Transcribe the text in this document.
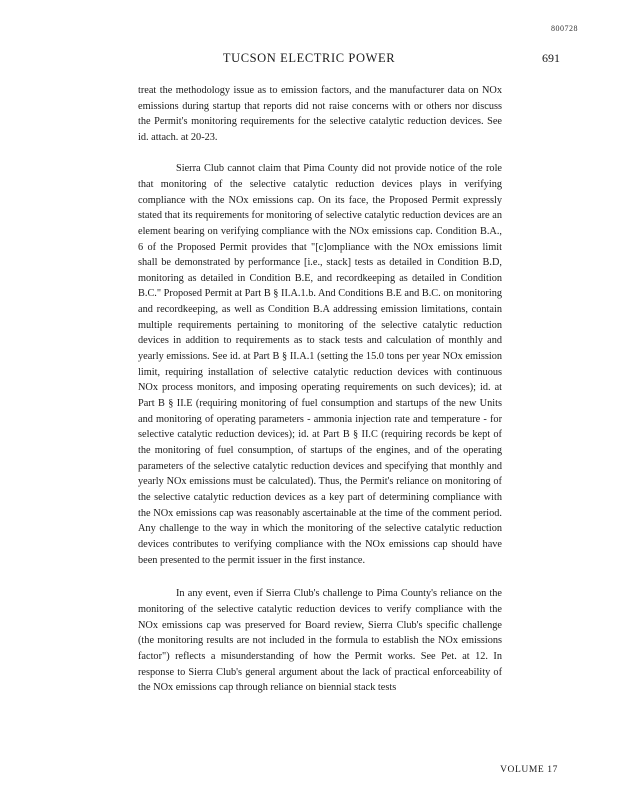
800728
TUCSON ELECTRIC POWER	691

treat the methodology issue as to emission factors, and the manufacturer data on NOx emissions during startup that reports did not raise concerns with or others nor discuss the Permit's monitoring requirements for the selective catalytic reduction devices. See id. attach. at 20-23.

Sierra Club cannot claim that Pima County did not provide notice of the role that monitoring of the selective catalytic reduction devices plays in verifying compliance with the NOx emissions cap. On its face, the Proposed Permit expressly stated that its requirements for monitoring of selective catalytic reduction devices are an element bearing on verifying compliance with the NOx emissions cap. Condition B.A., 6 of the Proposed Permit provides that "[c]ompliance with the NOx emissions limit shall be demonstrated by performance [i.e., stack] tests as detailed in Condition B.D, monitoring as detailed in Condition B.E, and recordkeeping as detailed in Condition B.C." Proposed Permit at Part B § II.A.1.b. And Conditions B.E and B.C. on monitoring and recordkeeping, as well as Condition B.A addressing emission limitations, contain multiple requirements pertaining to monitoring of the selective catalytic reduction devices in addition to requirements as to stack tests and calculation of monthly and yearly emissions. See id. at Part B § II.A.1 (setting the 15.0 tons per year NOx emission limit, requiring installation of selective catalytic reduction devices with continuous NOx process monitors, and imposing operating requirements on such devices); id. at Part B § II.E (requiring monitoring of fuel consumption and startups of the new Units and monitoring of operating parameters - ammonia injection rate and temperature - for selective catalytic reduction devices); id. at Part B § II.C (requiring records be kept of the monitoring of fuel consumption, of startups of the engines, and of the operating parameters of the selective catalytic reduction devices and specifying that monthly and yearly NOx emissions must be calculated). Thus, the Permit's reliance on monitoring of the selective catalytic reduction devices as a key part of determining compliance with the NOx emissions cap was reasonably ascertainable at the time of the comment period. Any challenge to the way in which the monitoring of the selective catalytic reduction devices contributes to verifying compliance with the NOx emissions cap should have been presented to the permit issuer in the first instance.

In any event, even if Sierra Club's challenge to Pima County's reliance on the monitoring of the selective catalytic reduction devices to verify compliance with the NOx emissions cap was preserved for Board review, Sierra Club's specific challenge (the monitoring results are not included in the formula to establish the NOx emissions factor") reflects a misunderstanding of how the Permit works. See Pet. at 12. In response to Sierra Club's general argument about the lack of practical enforceability of the NOx emissions cap through reliance on biennial stack tests

VOLUME 17
